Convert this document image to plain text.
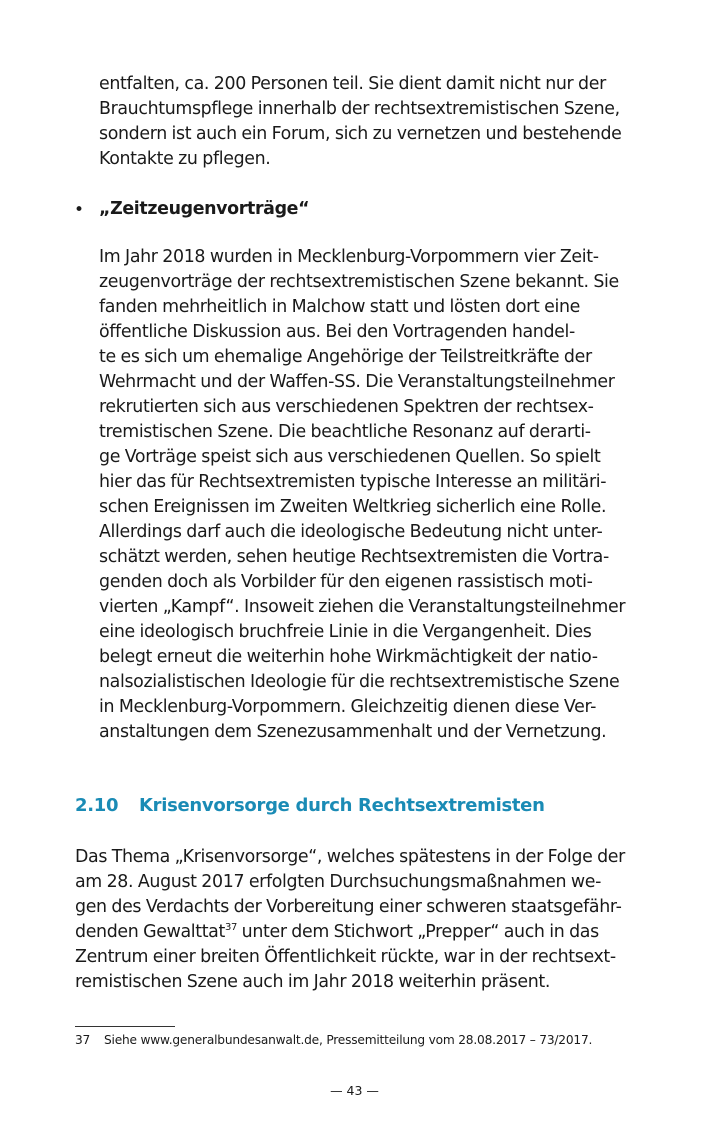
entfalten, ca. 200 Personen teil. Sie dient damit nicht nur der

Brauchtumspflege innerhalb der rechtsextremistischen Szene,

sondern ist auch ein Forum, sich zu vernetzen und bestehende

Kontakte zu pflegen.

• „Zeitzeugenvorträge“

Im Jahr 2018 wurden in Mecklenburg-Vorpommern vier Zeit-

zeugenvorträge der rechtsextremistischen Szene bekannt. Sie

fanden mehrheitlich in Malchow statt und lösten dort eine

öffentliche Diskussion aus. Bei den Vortragenden handel-

te es sich um ehemalige Angehörige der Teilstreitkräfte der

Wehrmacht und der Waffen-SS. Die Veranstaltungsteilnehmer

rekrutierten sich aus verschiedenen Spektren der rechtsex-

tremistischen Szene. Die beachtliche Resonanz auf derarti-

ge Vorträge speist sich aus verschiedenen Quellen. So spielt

hier das für Rechtsextremisten typische Interesse an militäri-

schen Ereignissen im Zweiten Weltkrieg sicherlich eine Rolle.

Allerdings darf auch die ideologische Bedeutung nicht unter-

schätzt werden, sehen heutige Rechtsextremisten die Vortra-

genden doch als Vorbilder für den eigenen rassistisch moti-

vierten „Kampf“. Insoweit ziehen die Veranstaltungsteilnehmer

eine ideologisch bruchfreie Linie in die Vergangenheit. Dies

belegt erneut die weiterhin hohe Wirkmächtigkeit der natio-

nalsozialistischen Ideologie für die rechtsextremistische Szene

in Mecklenburg-Vorpommern. Gleichzeitig dienen diese Ver-

anstaltungen dem Szenezusammenhalt und der Vernetzung.

2.10 Krisenvorsorge durch Rechtsextremisten

Das Thema „Krisenvorsorge“, welches spätestens in der Folge der

am 28. August 2017 erfolgten Durchsuchungsmaßnahmen we-

gen des Verdachts der Vorbereitung einer schweren staatsgefähr-

denden Gewalttat$^{37}$ unter dem Stichwort „Prepper“ auch in das

Zentrum einer breiten Öffentlichkeit rückte, war in der rechtsext-

remistischen Szene auch im Jahr 2018 weiterhin präsent.

37 Siehe www.generalbundesanwalt.de, Pressemitteilung vom 28.08.2017 – 73/2017.
— 43 —
